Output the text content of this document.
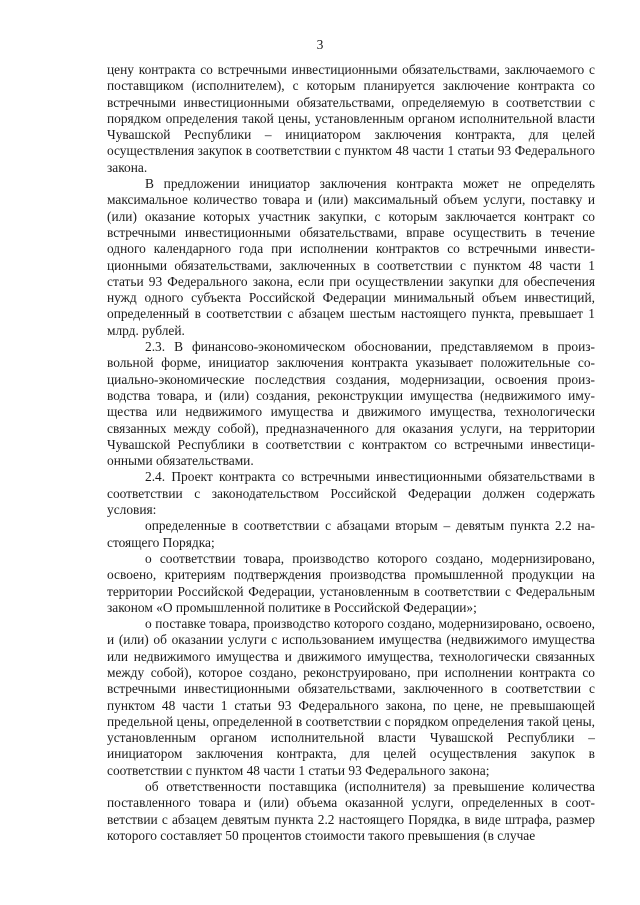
3

цену контракта со встречными инвестиционными обязательствами, заключаемого с поставщиком (исполнителем), с которым планируется заключение контракта со встречными инвестиционными обязательствами, определяемую в соответствии с порядком определения такой цены, установленным органом исполнительной власти Чувашской Республики – инициатором заключения контракта, для целей осуществления закупок в соответствии с пунктом 48 части 1 статьи 93 Федерального закона.

В предложении инициатор заключения контракта может не определять максимальное количество товара и (или) максимальный объем услуги, поставку и (или) оказание которых участник закупки, с которым заключается контракт со встречными инвестиционными обязательствами, вправе осуществить в течение одного календарного года при исполнении контрактов со встречными инвестиционными обязательствами, заключенных в соответствии с пунктом 48 части 1 статьи 93 Федерального закона, если при осуществлении закупки для обеспечения нужд одного субъекта Российской Федерации минимальный объем инвестиций, определенный в соответствии с абзацем шестым настоящего пункта, превышает 1 млрд. рублей.

2.3. В финансово-экономическом обосновании, представляемом в произвольной форме, инициатор заключения контракта указывает положительные социально-экономические последствия создания, модернизации, освоения производства товара, и (или) создания, реконструкции имущества (недвижимого имущества или недвижимого имущества и движимого имущества, технологически связанных между собой), предназначенного для оказания услуги, на территории Чувашской Республики в соответствии с контрактом со встречными инвестиционными обязательствами.

2.4. Проект контракта со встречными инвестиционными обязательствами в соответствии с законодательством Российской Федерации должен содержать условия:

определенные в соответствии с абзацами вторым – девятым пункта 2.2 настоящего Порядка;

о соответствии товара, производство которого создано, модернизировано, освоено, критериям подтверждения производства промышленной продукции на территории Российской Федерации, установленным в соответствии с Федеральным законом «О промышленной политике в Российской Федерации»;

о поставке товара, производство которого создано, модернизировано, освоено, и (или) об оказании услуги с использованием имущества (недвижимого имущества или недвижимого имущества и движимого имущества, технологически связанных между собой), которое создано, реконструировано, при исполнении контракта со встречными инвестиционными обязательствами, заключенного в соответствии с пунктом 48 части 1 статьи 93 Федерального закона, по цене, не превышающей предельной цены, определенной в соответствии с порядком определения такой цены, установленным органом исполнительной власти Чувашской Республики – инициатором заключения контракта, для целей осуществления закупок в соответствии с пунктом 48 части 1 статьи 93 Федерального закона;

об ответственности поставщика (исполнителя) за превышение количества поставленного товара и (или) объема оказанной услуги, определенных в соответствии с абзацем девятым пункта 2.2 настоящего Порядка, в виде штрафа, размер которого составляет 50 процентов стоимости такого превышения (в случае
